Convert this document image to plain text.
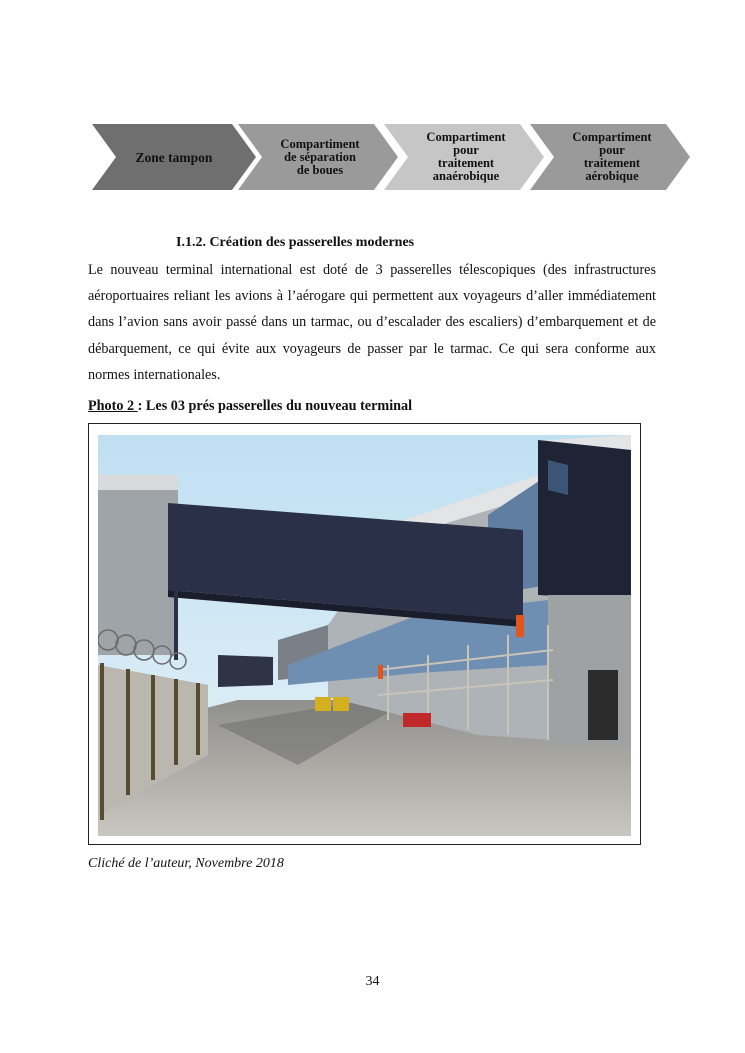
Zone tampon
Compartiment
de séparation
de boues
Compartiment
pour
traitement
anaérobique
Compartiment
pour
traitement
aérobique
I.1.2. Création des passerelles modernes
Le nouveau terminal international est doté de 3 passerelles télescopiques (des infrastructures aéroportuaires reliant les avions à l’aérogare qui permettent aux voyageurs d’aller immédiatement dans l’avion sans avoir passé dans un tarmac, ou d’escalader des escaliers) d’embarquement et de débarquement, ce qui évite aux voyageurs de passer par le tarmac. Ce qui sera conforme aux normes internationales.
Photo 2 : Les 03 prés passerelles du nouveau terminal
Cliché de l’auteur, Novembre 2018
34
